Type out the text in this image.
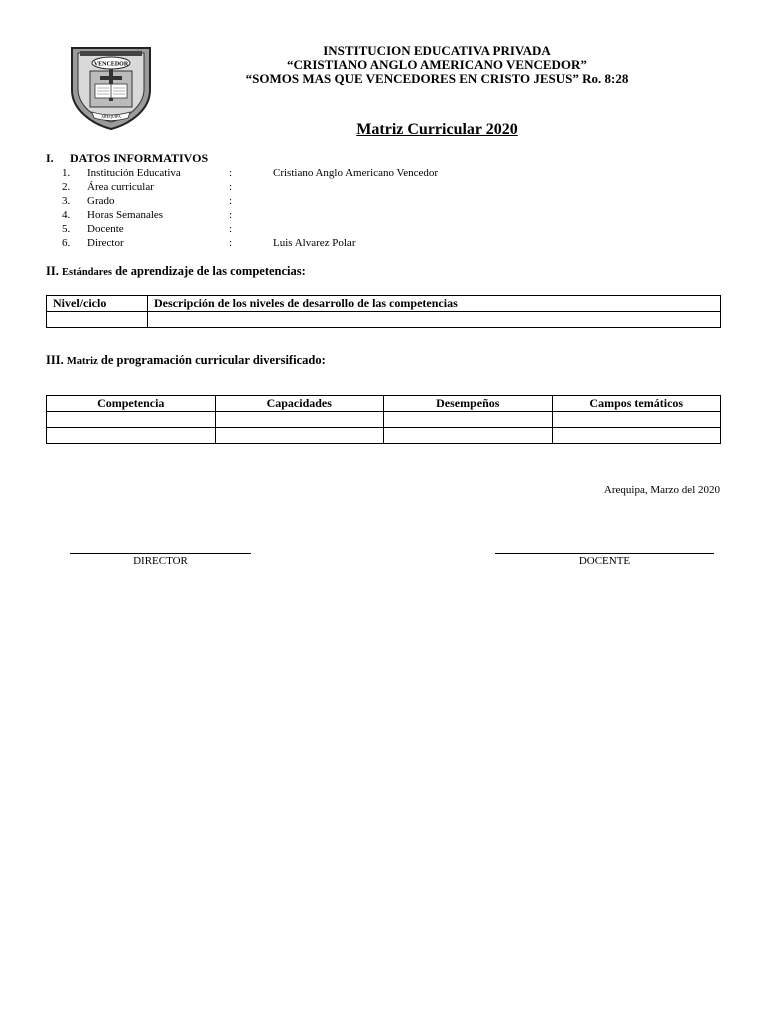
VENCEDOR
AREQUIPA
INSTITUCION EDUCATIVA PRIVADA
“CRISTIANO ANGLO AMERICANO VENCEDOR”
“SOMOS MAS QUE VENCEDORES EN CRISTO JESUS” Ro. 8:28
Matriz Curricular 2020
I. DATOS INFORMATIVOS
1.	Institución Educativa	:	Cristiano Anglo Americano Vencedor
2.	Área curricular	:
3.	Grado	:
4.	Horas Semanales	:
5.	Docente	:
6.	Director	:	Luis Alvarez Polar
II. Estándares de aprendizaje de las competencias:
Nivel/ciclo	Descripción de los niveles de desarrollo de las competencias

III. Matriz de programación curricular diversificado:
Competencia	Capacidades	Desempeños	Campos temáticos

Arequipa, Marzo del 2020
DIRECTOR	DOCENTE
